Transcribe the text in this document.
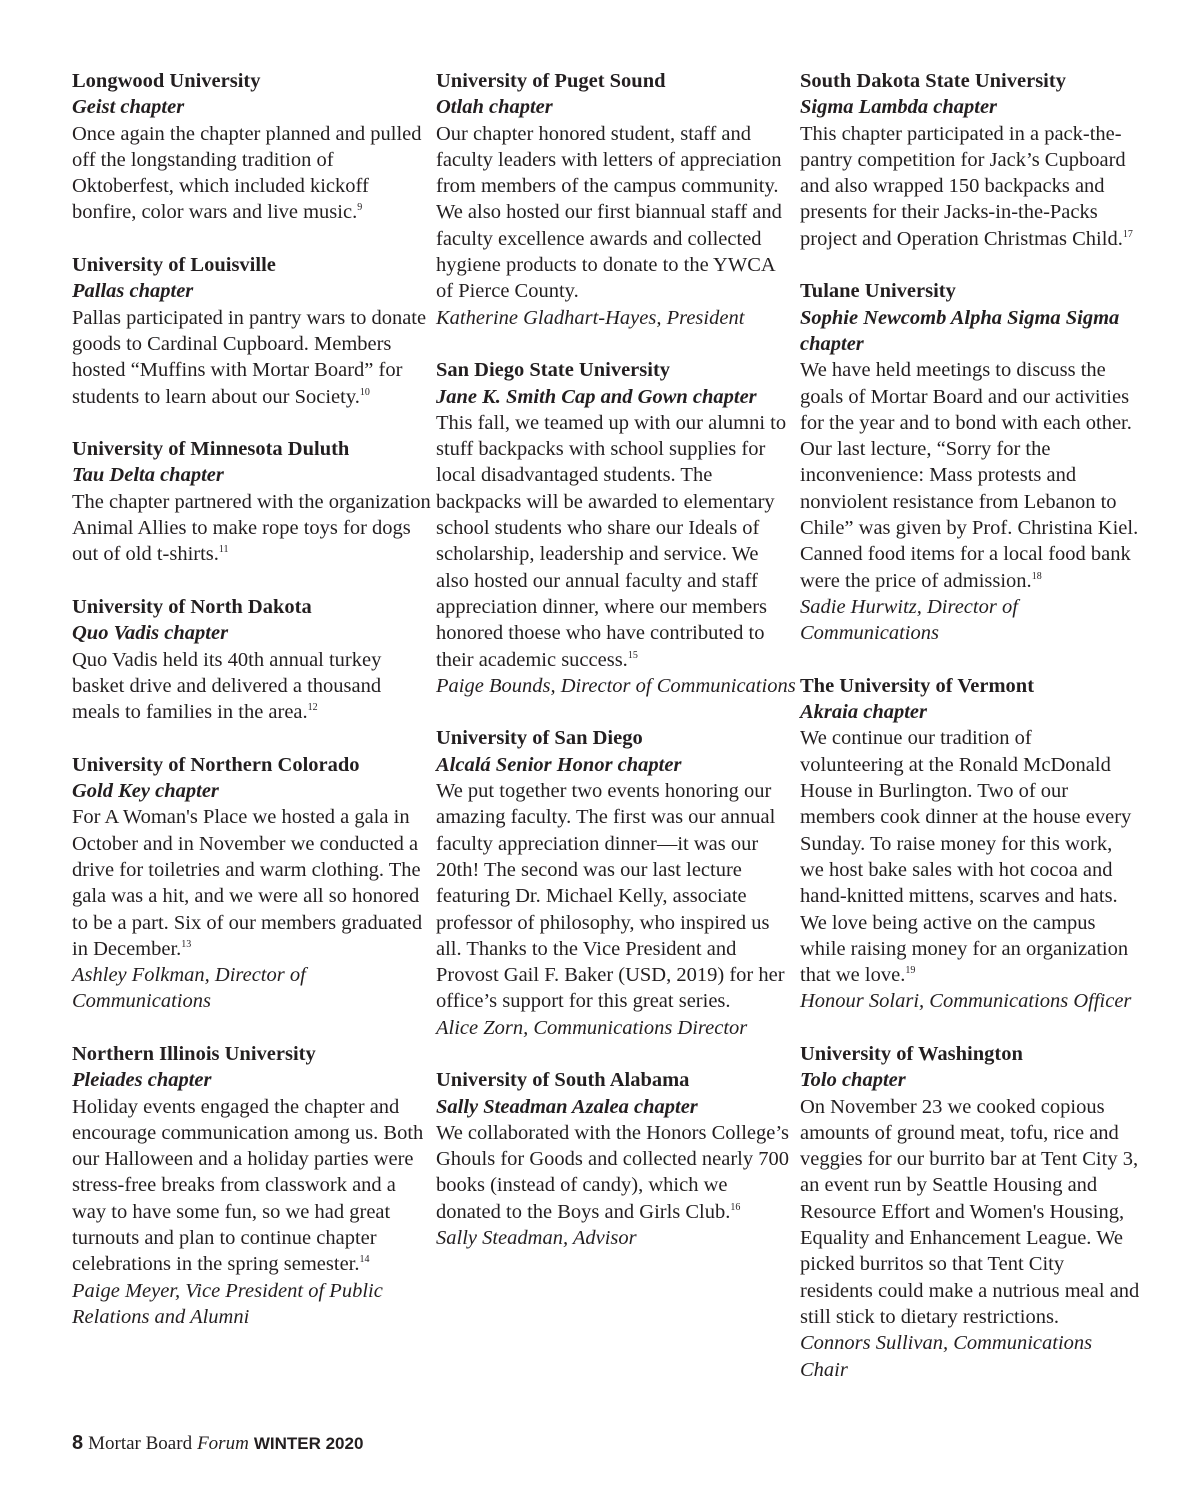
Longwood University

Geist chapter

Once again the chapter planned and pulled off the longstanding tradition of Oktoberfest, which included kickoff bonfire, color wars and live music.$^9$

University of Louisville

Pallas chapter

Pallas participated in pantry wars to donate goods to Cardinal Cupboard. Members hosted “Muffins with Mortar Board” for students to learn about our Society.$^{10}$

University of Minnesota Duluth

Tau Delta chapter

The chapter partnered with the organization Animal Allies to make rope toys for dogs out of old t-shirts.$^{11}$

University of North Dakota

Quo Vadis chapter

Quo Vadis held its 40th annual turkey basket drive and delivered a thousand meals to families in the area.$^{12}$

University of Northern Colorado

Gold Key chapter

For A Woman's Place we hosted a gala in October and in November we conducted a drive for toiletries and warm clothing. The gala was a hit, and we were all so honored to be a part. Six of our members graduated in December.$^{13}$

Ashley Folkman, Director of Communications

Northern Illinois University

Pleiades chapter

Holiday events engaged the chapter and encourage communication among us. Both our Halloween and a holiday parties were stress-free breaks from classwork and a way to have some fun, so we had great turnouts and plan to continue chapter celebrations in the spring semester.$^{14}$

Paige Meyer, Vice President of Public Relations and Alumni

University of Puget Sound

Otlah chapter

Our chapter honored student, staff and faculty leaders with letters of appreciation from members of the campus community. We also hosted our first biannual staff and faculty excellence awards and collected hygiene products to donate to the YWCA of Pierce County.

Katherine Gladhart-Hayes, President

San Diego State University

Jane K. Smith Cap and Gown chapter

This fall, we teamed up with our alumni to stuff backpacks with school supplies for local disadvantaged students. The backpacks will be awarded to elementary school students who share our Ideals of scholarship, leadership and service. We also hosted our annual faculty and staff appreciation dinner, where our members honored thoese who have contributed to their academic success.$^{15}$

Paige Bounds, Director of Communications

University of San Diego

Alcalá Senior Honor chapter

We put together two events honoring our amazing faculty. The first was our annual faculty appreciation dinner—it was our 20th! The second was our last lecture featuring Dr. Michael Kelly, associate professor of philosophy, who inspired us all. Thanks to the Vice President and Provost Gail F. Baker (USD, 2019) for her office’s support for this great series.

Alice Zorn, Communications Director

University of South Alabama

Sally Steadman Azalea chapter

We collaborated with the Honors College’s Ghouls for Goods and collected nearly 700 books (instead of candy), which we donated to the Boys and Girls Club.$^{16}$

Sally Steadman, Advisor

South Dakota State University

Sigma Lambda chapter

This chapter participated in a pack-the-pantry competition for Jack’s Cupboard and also wrapped 150 backpacks and presents for their Jacks-in-the-Packs project and Operation Christmas Child.$^{17}$

Tulane University

Sophie Newcomb Alpha Sigma Sigma chapter

We have held meetings to discuss the goals of Mortar Board and our activities for the year and to bond with each other. Our last lecture, “Sorry for the inconvenience: Mass protests and nonviolent resistance from Lebanon to Chile” was given by Prof. Christina Kiel. Canned food items for a local food bank were the price of admission.$^{18}$

Sadie Hurwitz, Director of Communications

The University of Vermont

Akraia chapter

We continue our tradition of volunteering at the Ronald McDonald House in Burlington. Two of our members cook dinner at the house every Sunday. To raise money for this work, we host bake sales with hot cocoa and hand-knitted mittens, scarves and hats. We love being active on the campus while raising money for an organization that we love.$^{19}$

Honour Solari, Communications Officer

University of Washington

Tolo chapter

On November 23 we cooked copious amounts of ground meat, tofu, rice and veggies for our burrito bar at Tent City 3, an event run by Seattle Housing and Resource Effort and Women's Housing, Equality and Enhancement League. We picked burritos so that Tent City residents could make a nutrious meal and still stick to dietary restrictions.

Connors Sullivan, Communications Chair

8 Mortar Board Forum WINTER 2020
